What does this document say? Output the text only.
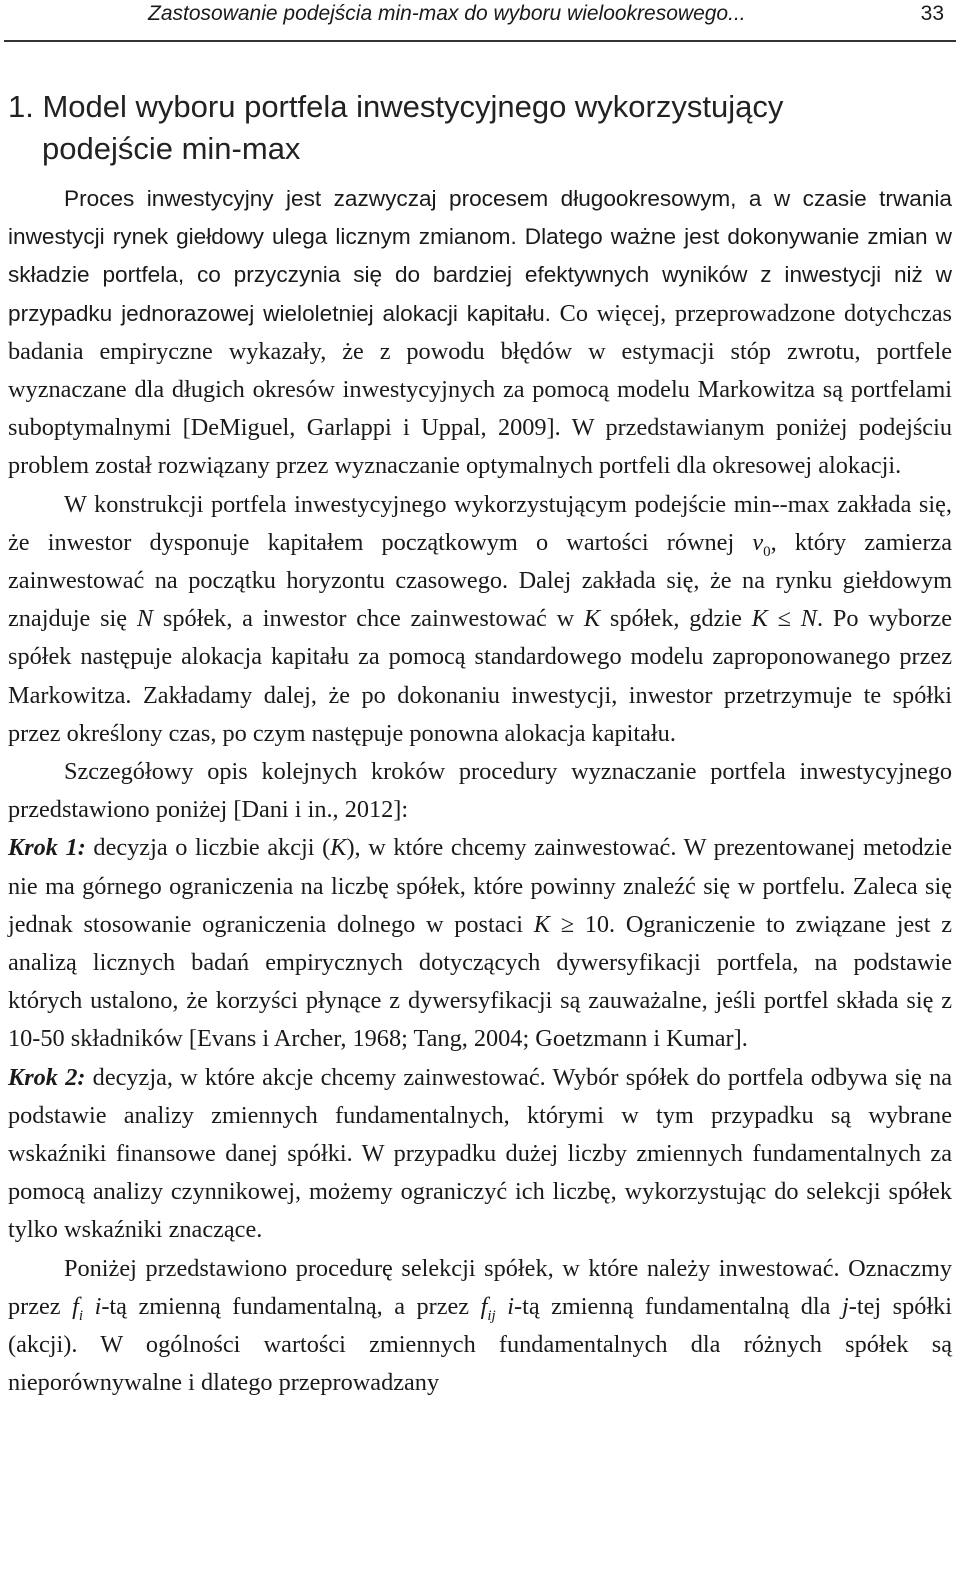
Zastosowanie podejścia min-max do wyboru wielookresowego...	33
1. Model wyboru portfela inwestycyjnego wykorzystujący
podejście min-max

Proces inwestycyjny jest zazwyczaj procesem długookresowym, a w czasie trwania inwestycji rynek giełdowy ulega licznym zmianom. Dlatego ważne jest dokonywanie zmian w składzie portfela, co przyczynia się do bardziej efektywnych wyników z inwestycji niż w przypadku jednorazowej wieloletniej alokacji kapitału. Co więcej, przeprowadzone dotychczas badania empiryczne wykazały, że z powodu błędów w estymacji stóp zwrotu, portfele wyznaczane dla długich okresów inwestycyjnych za pomocą modelu Markowitza są portfelami suboptymalnymi [DeMiguel, Garlappi i Uppal, 2009]. W przedstawianym poniżej podejściu problem został rozwiązany przez wyznaczanie optymalnych portfeli dla okresowej alokacji.

W konstrukcji portfela inwestycyjnego wykorzystującym podejście min--max zakłada się, że inwestor dysponuje kapitałem początkowym o wartości równej $v_0$, który zamierza zainwestować na początku horyzontu czasowego. Dalej zakłada się, że na rynku giełdowym znajduje się N spółek, a inwestor chce zainwestować w K spółek, gdzie K ≤ N. Po wyborze spółek następuje alokacja kapitału za pomocą standardowego modelu zaproponowanego przez Markowitza. Zakładamy dalej, że po dokonaniu inwestycji, inwestor przetrzymuje te spółki przez określony czas, po czym następuje ponowna alokacja kapitału.

Szczegółowy opis kolejnych kroków procedury wyznaczanie portfela inwestycyjnego przedstawiono poniżej [Dani i in., 2012]:

Krok 1: decyzja o liczbie akcji (K), w które chcemy zainwestować. W prezentowanej metodzie nie ma górnego ograniczenia na liczbę spółek, które powinny znaleźć się w portfelu. Zaleca się jednak stosowanie ograniczenia dolnego w postaci K ≥ 10. Ograniczenie to związane jest z analizą licznych badań empirycznych dotyczących dywersyfikacji portfela, na podstawie których ustalono, że korzyści płynące z dywersyfikacji są zauważalne, jeśli portfel składa się z 10-50 składników [Evans i Archer, 1968; Tang, 2004; Goetzmann i Kumar].

Krok 2: decyzja, w które akcje chcemy zainwestować. Wybór spółek do portfela odbywa się na podstawie analizy zmiennych fundamentalnych, którymi w tym przypadku są wybrane wskaźniki finansowe danej spółki. W przypadku dużej liczby zmiennych fundamentalnych za pomocą analizy czynnikowej, możemy ograniczyć ich liczbę, wykorzystując do selekcji spółek tylko wskaźniki znaczące.

Poniżej przedstawiono procedurę selekcji spółek, w które należy inwestować. Oznaczmy przez $f_i$ i-tą zmienną fundamentalną, a przez $f_{ij}$ i-tą zmienną fundamentalną dla j-tej spółki (akcji). W ogólności wartości zmiennych fundamentalnych dla różnych spółek są nieporównywalne i dlatego przeprowadzany
